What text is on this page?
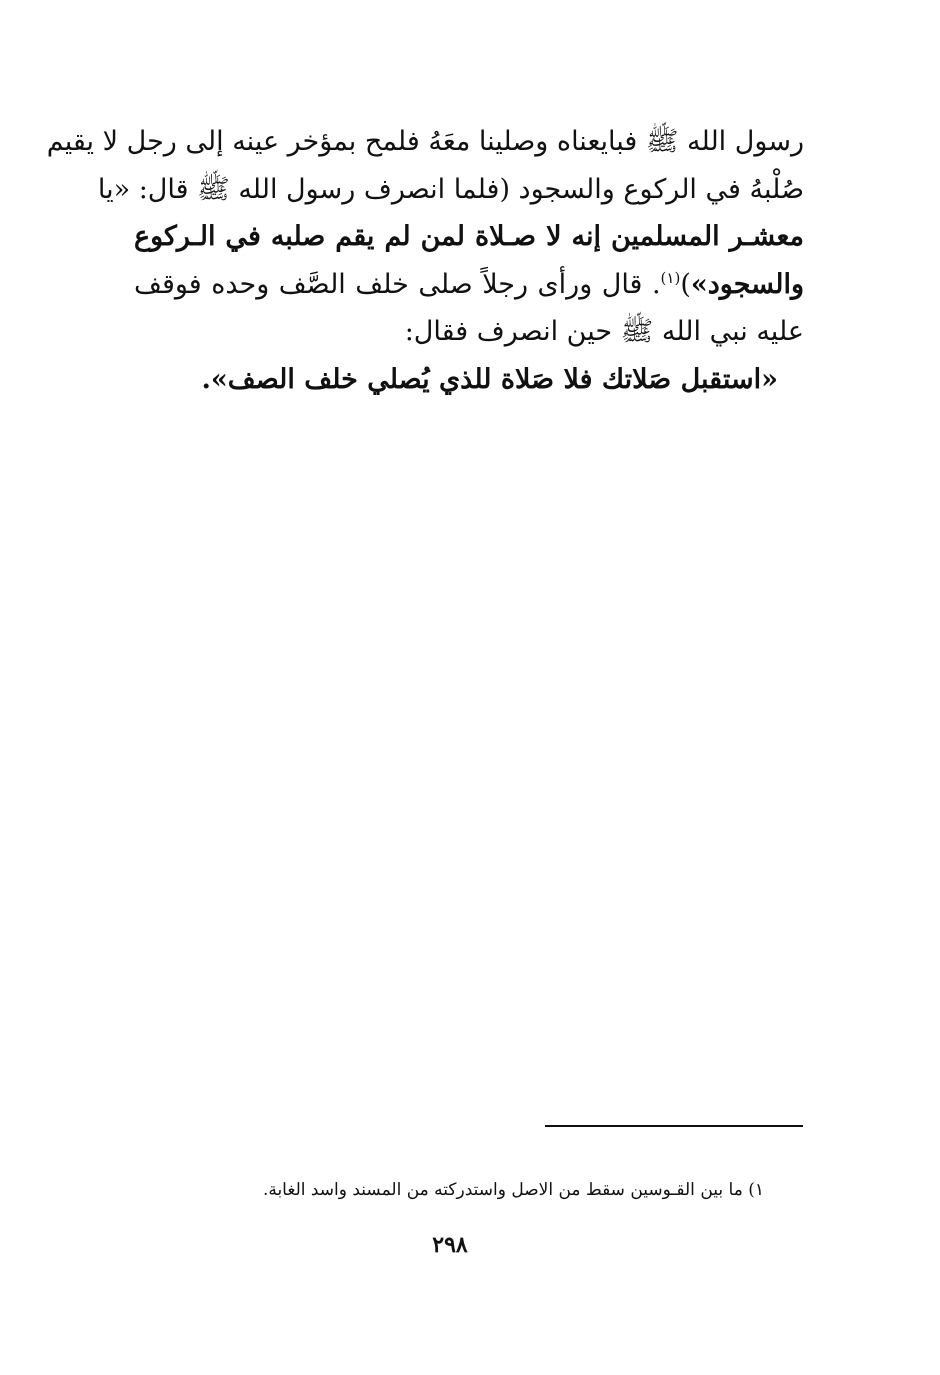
رسول الله ﷺ فبايعناه وصلينا معَهُ فلمح بمؤخر عينه إلى رجل لا يقيم
صُلْبهُ في الركوع والسجود (فلما انصرف رسول الله ﷺ قال: «يا
معشـر المسلمين إنه لا صـلاة لمن لم يقم صلبه في الـركوع
والسجود»)$^{(١)}$. قال ورأى رجلاً صلى خلف الصَّف وحده فوقف
عليه نبي الله ﷺ حين انصرف فقال:
«استقبل صَلاتك فلا صَلاة للذي يُصلي خلف الصف».
١) ما بين القـوسين سقط من الاصل واستدركته من المسند واسد الغابة.
٢٩٨
